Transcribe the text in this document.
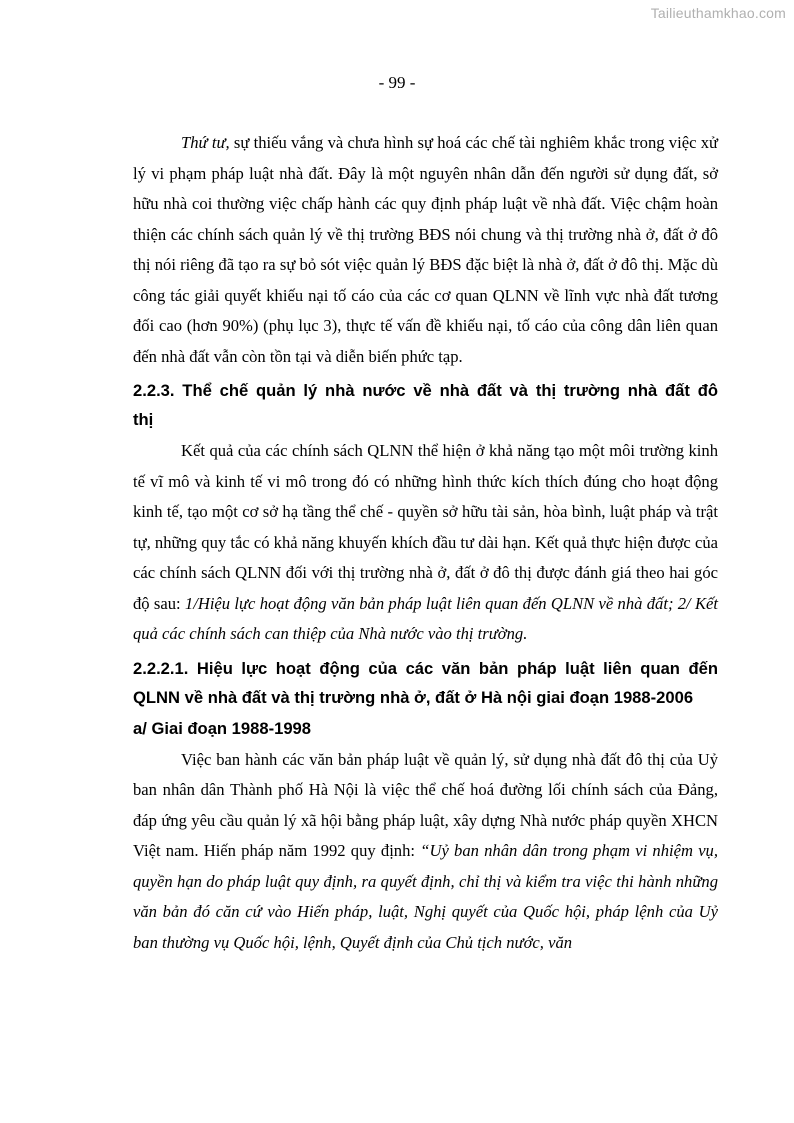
Tailieuthamkhao.com
- 99 -

Thứ tư, sự thiếu vắng và chưa hình sự hoá các chế tài nghiêm khắc trong việc xử lý vi phạm pháp luật nhà đất. Đây là một nguyên nhân dẫn đến người sử dụng đất, sở hữu nhà coi thường việc chấp hành các quy định pháp luật về nhà đất. Việc chậm hoàn thiện các chính sách quản lý về thị trường BĐS nói chung và thị trường nhà ở, đất ở đô thị nói riêng đã tạo ra sự bỏ sót việc quản lý BĐS đặc biệt là nhà ở, đất ở đô thị. Mặc dù công tác giải quyết khiếu nại tố cáo của các cơ quan QLNN về lĩnh vực nhà đất tương đối cao (hơn 90%) (phụ lục 3), thực tế vấn đề khiếu nại, tố cáo của công dân liên quan đến nhà đất vẫn còn tồn tại và diễn biến phức tạp.

2.2.3. Thể chế quản lý nhà nước về nhà đất và thị trường nhà đất đô thị

Kết quả của các chính sách QLNN thể hiện ở khả năng tạo một môi trường kinh tế vĩ mô và kinh tế vi mô trong đó có những hình thức kích thích đúng cho hoạt động kinh tế, tạo một cơ sở hạ tầng thể chế - quyền sở hữu tài sản, hòa bình, luật pháp và trật tự, những quy tắc có khả năng khuyến khích đầu tư dài hạn. Kết quả thực hiện được của các chính sách QLNN đối với thị trường nhà ở, đất ở đô thị được đánh giá theo hai góc độ sau: 1/Hiệu lực hoạt động văn bản pháp luật liên quan đến QLNN về nhà đất; 2/ Kết quả các chính sách can thiệp của Nhà nước vào thị trường.

2.2.2.1. Hiệu lực hoạt động của các văn bản pháp luật liên quan đến QLNN về nhà đất và thị trường nhà ở, đất ở Hà nội giai đoạn 1988-2006
a/ Giai đoạn 1988-1998

Việc ban hành các văn bản pháp luật về quản lý, sử dụng nhà đất đô thị của Uỷ ban nhân dân Thành phố Hà Nội là việc thể chế hoá đường lối chính sách của Đảng, đáp ứng yêu cầu quản lý xã hội bằng pháp luật, xây dựng Nhà nước pháp quyền XHCN Việt nam. Hiến pháp năm 1992 quy định: “Uỷ ban nhân dân trong phạm vi nhiệm vụ, quyền hạn do pháp luật quy định, ra quyết định, chỉ thị và kiểm tra việc thi hành những văn bản đó căn cứ vào Hiến pháp, luật, Nghị quyết của Quốc hội, pháp lệnh của Uỷ ban thường vụ Quốc hội, lệnh, Quyết định của Chủ tịch nước, văn
